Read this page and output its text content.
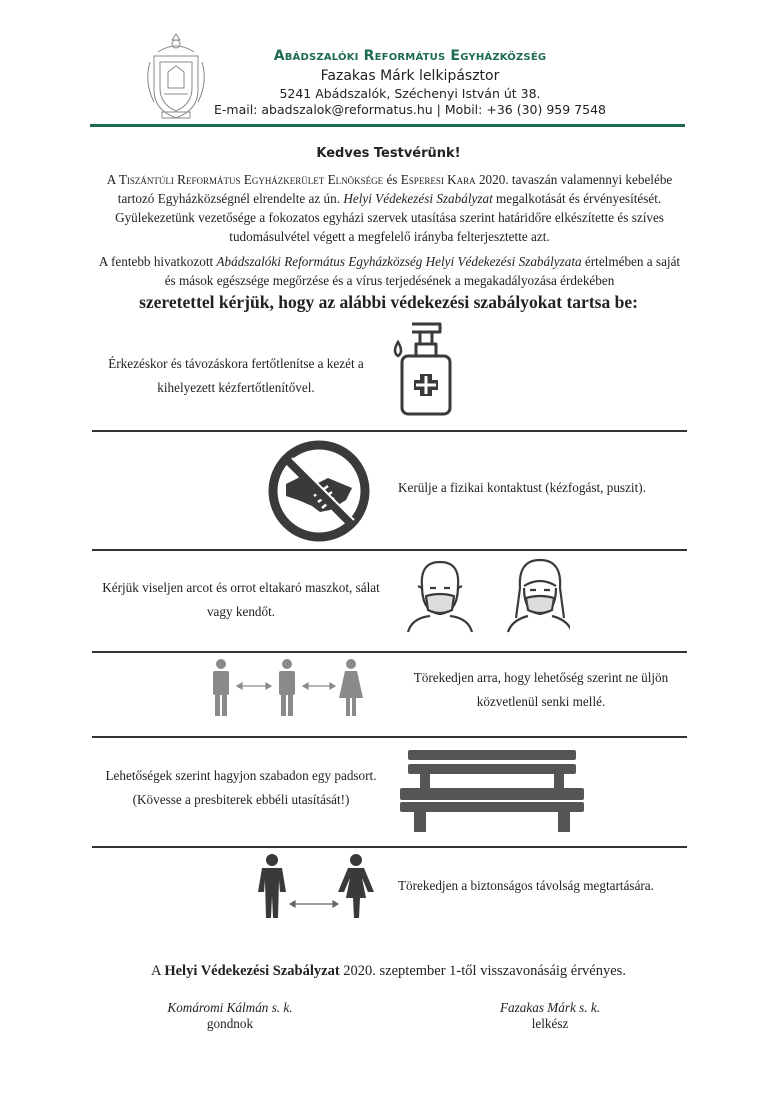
Abádszalóki Református Egyházközség
Fazakas Márk lelkipásztor
5241 Abádszalók, Széchenyi István út 38.
E-mail: abadszalok@reformatus.hu | Mobil: +36 (30) 959 7548
Kedves Testvérünk!
A Tiszántúli Református Egyházkerület Elnöksége és Esperesi Kara 2020. tavaszán valamennyi kebelébe tartozó Egyházközségnél elrendelte az ún. Helyi Védekezési Szabályzat megalkotását és érvényesítését. Gyülekezetünk vezetősége a fokozatos egyházi szervek utasítása szerint határidőre elkészítette és szíves tudomásulvétel végett a megfelelő irányba felterjesztette azt.
A fentebb hivatkozott Abádszalóki Református Egyházközség Helyi Védekezési Szabályzata értelmében a saját és mások egészsége megőrzése és a vírus terjedésének a megakadályozása érdekében
szeretettel kérjük, hogy az alábbi védekezési szabályokat tartsa be:
Érkezéskor és távozáskora fertőtlenítse a kezét a kihelyezett kézfertőtlenítővel.
Kerülje a fizikai kontaktust (kézfogást, puszit).
Kérjük viseljen arcot és orrot eltakaró maszkot, sálat vagy kendőt.
Törekedjen arra, hogy lehetőség szerint ne üljön közvetlenül senki mellé.
Lehetőségek szerint hagyjon szabadon egy padsort. (Kövesse a presbiterek ebbéli utasítását!)
Törekedjen a biztonságos távolság megtartására.
A Helyi Védekezési Szabályzat 2020. szeptember 1-től visszavonásáig érvényes.
Komáromi Kálmán s. k.
gondnok
Fazakas Márk s. k.
lelkész
